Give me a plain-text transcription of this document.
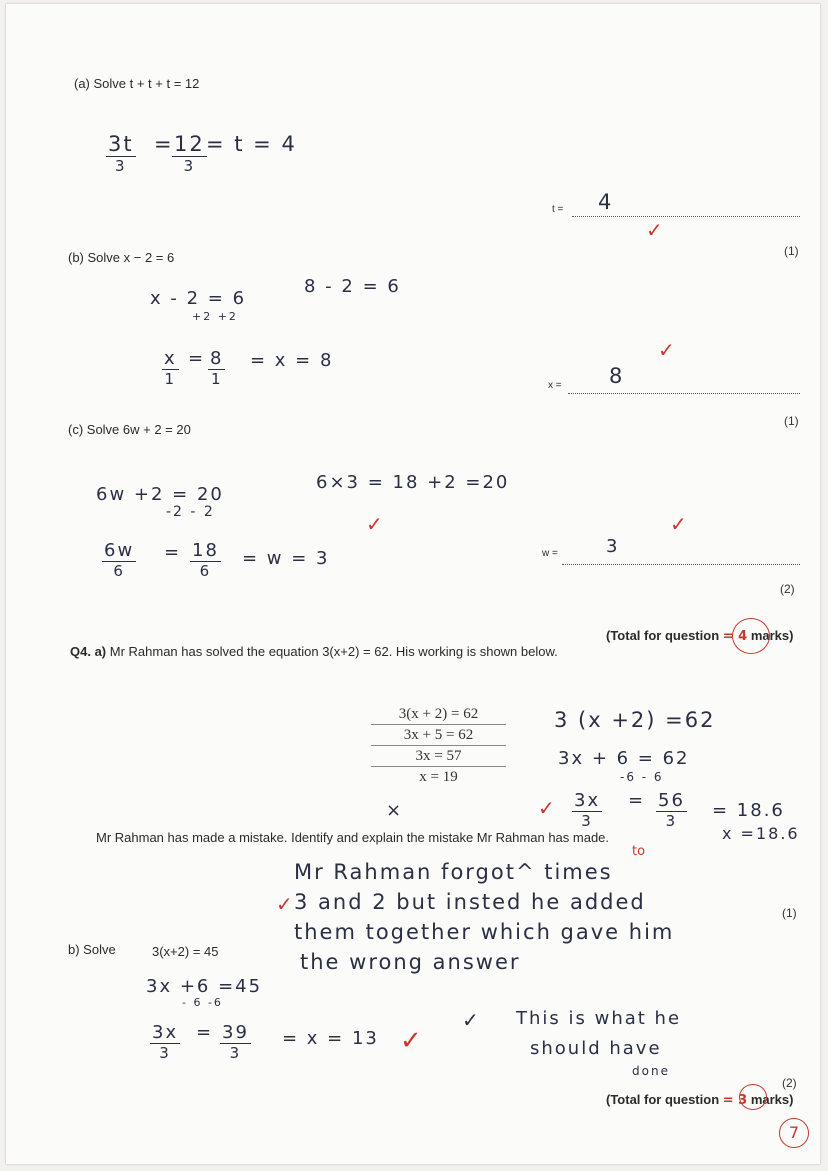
(a) Solve t + t + t = 12
3t
3
= 12
3
= t = 4
t = 4
✓
(1)
(b) Solve x − 2 = 6
x - 2 = 6
+2 +2
8 - 2 = 6
x
1
= 8
1
= x = 8	✓
x = 8
(1)
(c) Solve 6w + 2 = 20
6w +2 = 20
-2 - 2
6×3 = 18 +2 =20
✓
6w
6
= 18
6
= w = 3
✓
w =	3
(2)
(Total for question = 4 marks)
Q4. a) Mr Rahman has solved the equation 3(x+2) = 62. His working is shown below.
3(x + 2) = 62
3x + 5 = 62
3x = 57
x = 19
×
3 (x +2) =62
3x + 6 = 62
-6 - 6
✓ 3x
3
= 56
3	= 18.6
x =18.6
Mr Rahman has made a mistake. Identify and explain the mistake Mr Rahman has made.
to
Mr Rahman forgot^ times
✓ 3 and 2 but insted he added
them together which gave him
the wrong answer
(1)
b) Solve	3(x+2) = 45
3x +6 =45
- 6 -6
3x
3
= 39
3
= x = 13 ✓
✓ This is what he
should have
done
(2)
(Total for question = 3 marks)
7
